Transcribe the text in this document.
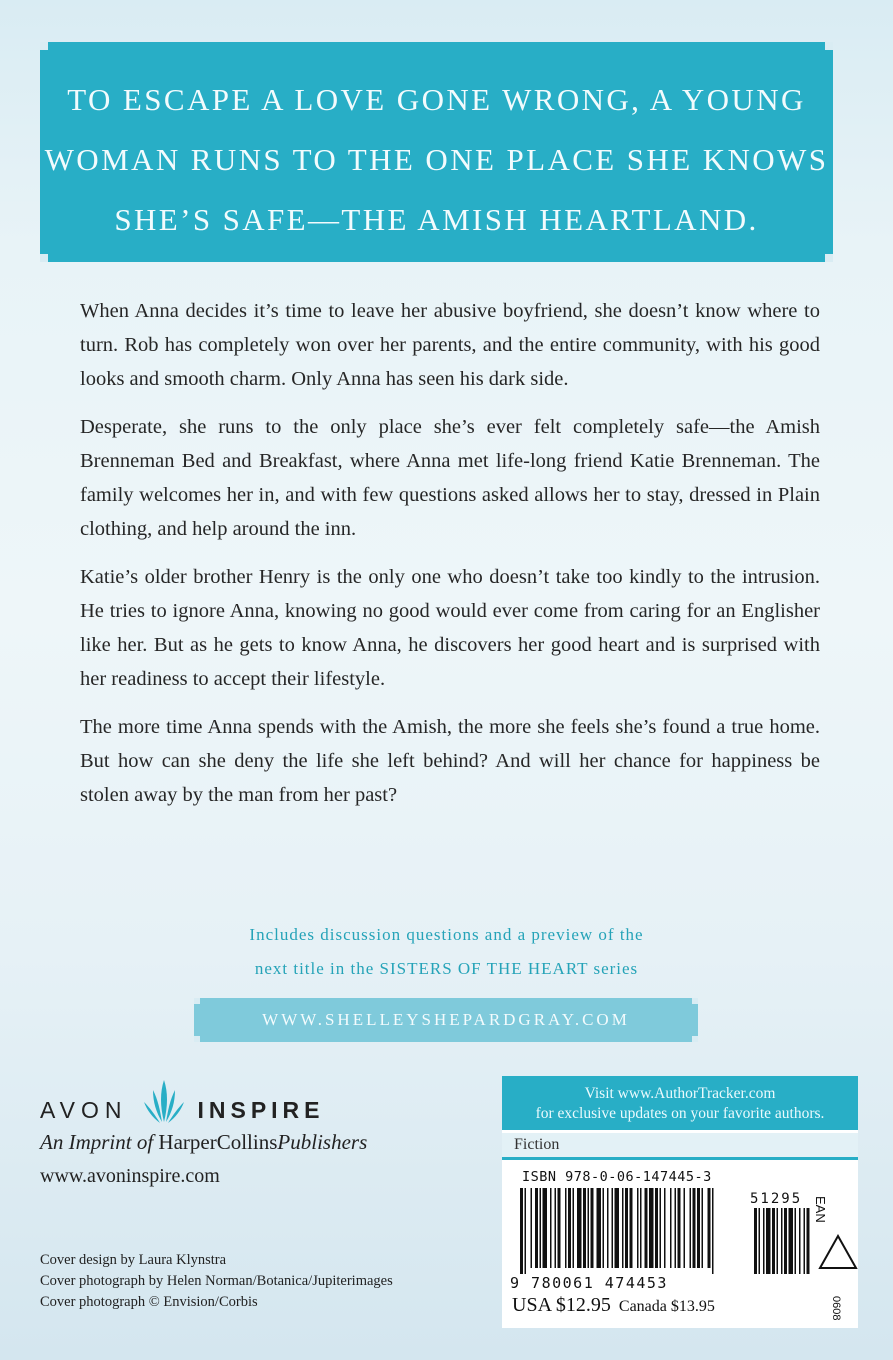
TO ESCAPE A LOVE GONE WRONG, A YOUNG
WOMAN RUNS TO THE ONE PLACE SHE KNOWS
SHE’S SAFE—THE AMISH HEARTLAND.

When Anna decides it’s time to leave her abusive boyfriend, she doesn’t know where to turn. Rob has completely won over her parents, and the entire community, with his good looks and smooth charm. Only Anna has seen his dark side.

Desperate, she runs to the only place she’s ever felt completely safe—the Amish Brenneman Bed and Breakfast, where Anna met life-long friend Katie Brenneman. The family welcomes her in, and with few questions asked allows her to stay, dressed in Plain clothing, and help around the inn.

Katie’s older brother Henry is the only one who doesn’t take too kindly to the intrusion. He tries to ignore Anna, knowing no good would ever come from caring for an Englisher like her. But as he gets to know Anna, he discovers her good heart and is surprised with her readiness to accept their lifestyle.

The more time Anna spends with the Amish, the more she feels she’s found a true home. But how can she deny the life she left behind? And will her chance for happiness be stolen away by the man from her past?

Includes discussion questions and a preview of the
next title in the SISTERS OF THE HEART series
WWW.SHELLEYSHEPARDGRAY.COM
AVON	INSPIRE
An Imprint of HarperCollinsPublishers
www.avoninspire.com
Cover design by Laura Klynstra
Cover photograph by Helen Norman/Botanica/Jupiterimages
Cover photograph © Envision/Corbis
Visit www.AuthorTracker.com
for exclusive updates on your favorite authors.
Fiction
ISBN 978-0-06-147445-3
9 780061 474453
51295 EAN
USA $12.95 Canada $13.95	0608
